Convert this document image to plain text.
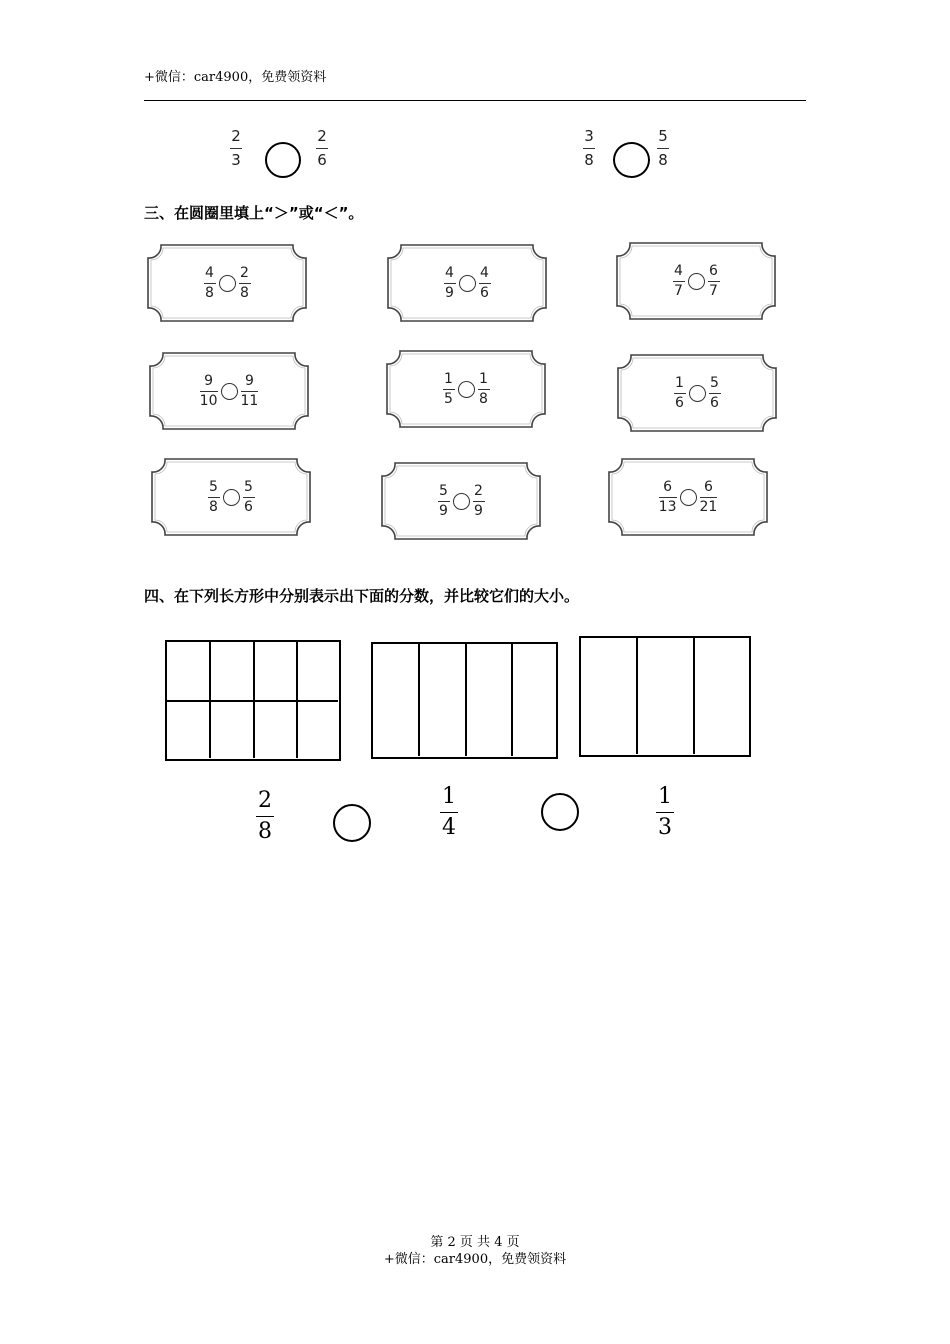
+微信：car4900，免费领资料
2
3
2
6
3
8
5
8
三、在圆圈里填上“＞”或“＜”。
4
8
2
8
4
9
4
6
4
7
6
7
9
10
9
11
1
5
1
8
1
6
5
6
5
8
5
6
5
9
2
9
6
13
6
21
四、在下列长方形中分别表示出下面的分数，并比较它们的大小。
2
8
1
4
1
3
第 2 页 共 4 页
+微信：car4900，免费领资料
